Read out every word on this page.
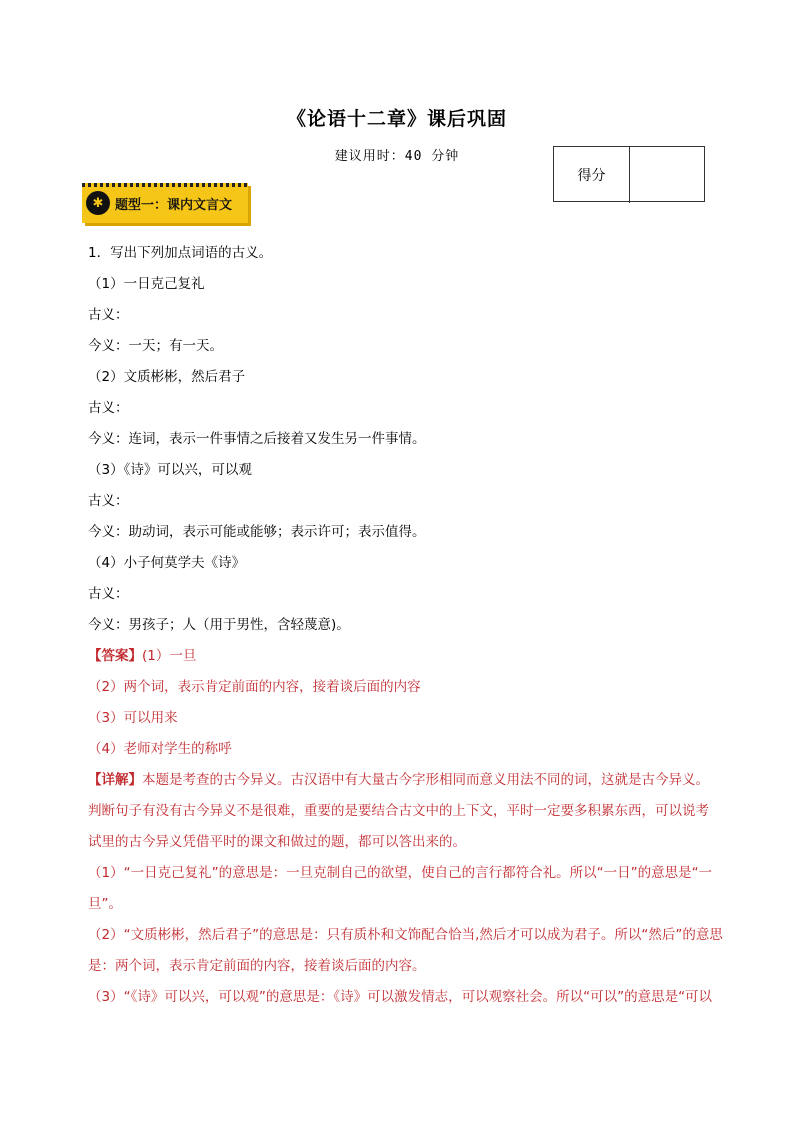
《论语十二章》课后巩固
建议用时：40 分钟
得分
✱ 题型一：课内文言文
1．写出下列加点词语的古义。
（1）一日克己复礼
古义：
今义：一天；有一天。
（2）文质彬彬，然后君子
古义：
今义：连词，表示一件事情之后接着又发生另一件事情。
（3）《诗》可以兴，可以观
古义：
今义：助动词，表示可能或能够；表示许可；表示值得。
（4）小子何莫学夫《诗》
古义：
今义：男孩子；人（用于男性，含轻蔑意)。
【答案】(1）一旦
（2）两个词，表示肯定前面的内容，接着谈后面的内容
（3）可以用来
（4）老师对学生的称呼
【详解】本题是考查的古今异义。古汉语中有大量古今字形相同而意义用法不同的词，这就是古今异义。
判断句子有没有古今异义不是很难，重要的是要结合古文中的上下文，平时一定要多积累东西，可以说考
试里的古今异义凭借平时的课文和做过的题，都可以答出来的。
（1）“一日克己复礼”的意思是：一旦克制自己的欲望，使自己的言行都符合礼。所以“一日”的意思是“一
旦”。
（2）“文质彬彬，然后君子”的意思是：只有质朴和文饰配合恰当,然后才可以成为君子。所以“然后”的意思
是：两个词，表示肯定前面的内容，接着谈后面的内容。
（3）“《诗》可以兴，可以观”的意思是：《诗》可以激发情志，可以观察社会。所以“可以”的意思是“可以
